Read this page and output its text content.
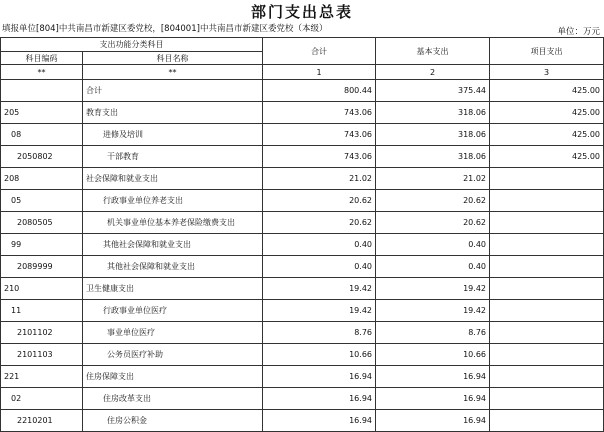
部门支出总表
填报单位[804]中共南昌市新建区委党校，[804001]中共南昌市新建区委党校（本级）	单位：万元
支出功能分类科目		合计	基本支出	项目支出
科目编码	科目名称			
**	**	1	2	3
	合计	800.44	375.44	425.00
205	教育支出	743.06	318.06	425.00
08	进修及培训	743.06	318.06	425.00
2050802	干部教育	743.06	318.06	425.00
208	社会保障和就业支出	21.02	21.02	
05	行政事业单位养老支出	20.62	20.62	
2080505	机关事业单位基本养老保险缴费支出	20.62	20.62	
99	其他社会保障和就业支出	0.40	0.40	
2089999	其他社会保障和就业支出	0.40	0.40	
210	卫生健康支出	19.42	19.42	
11	行政事业单位医疗	19.42	19.42	
2101102	事业单位医疗	8.76	8.76	
2101103	公务员医疗补助	10.66	10.66	
221	住房保障支出	16.94	16.94	
02	住房改革支出	16.94	16.94	
2210201	住房公积金	16.94	16.94	
